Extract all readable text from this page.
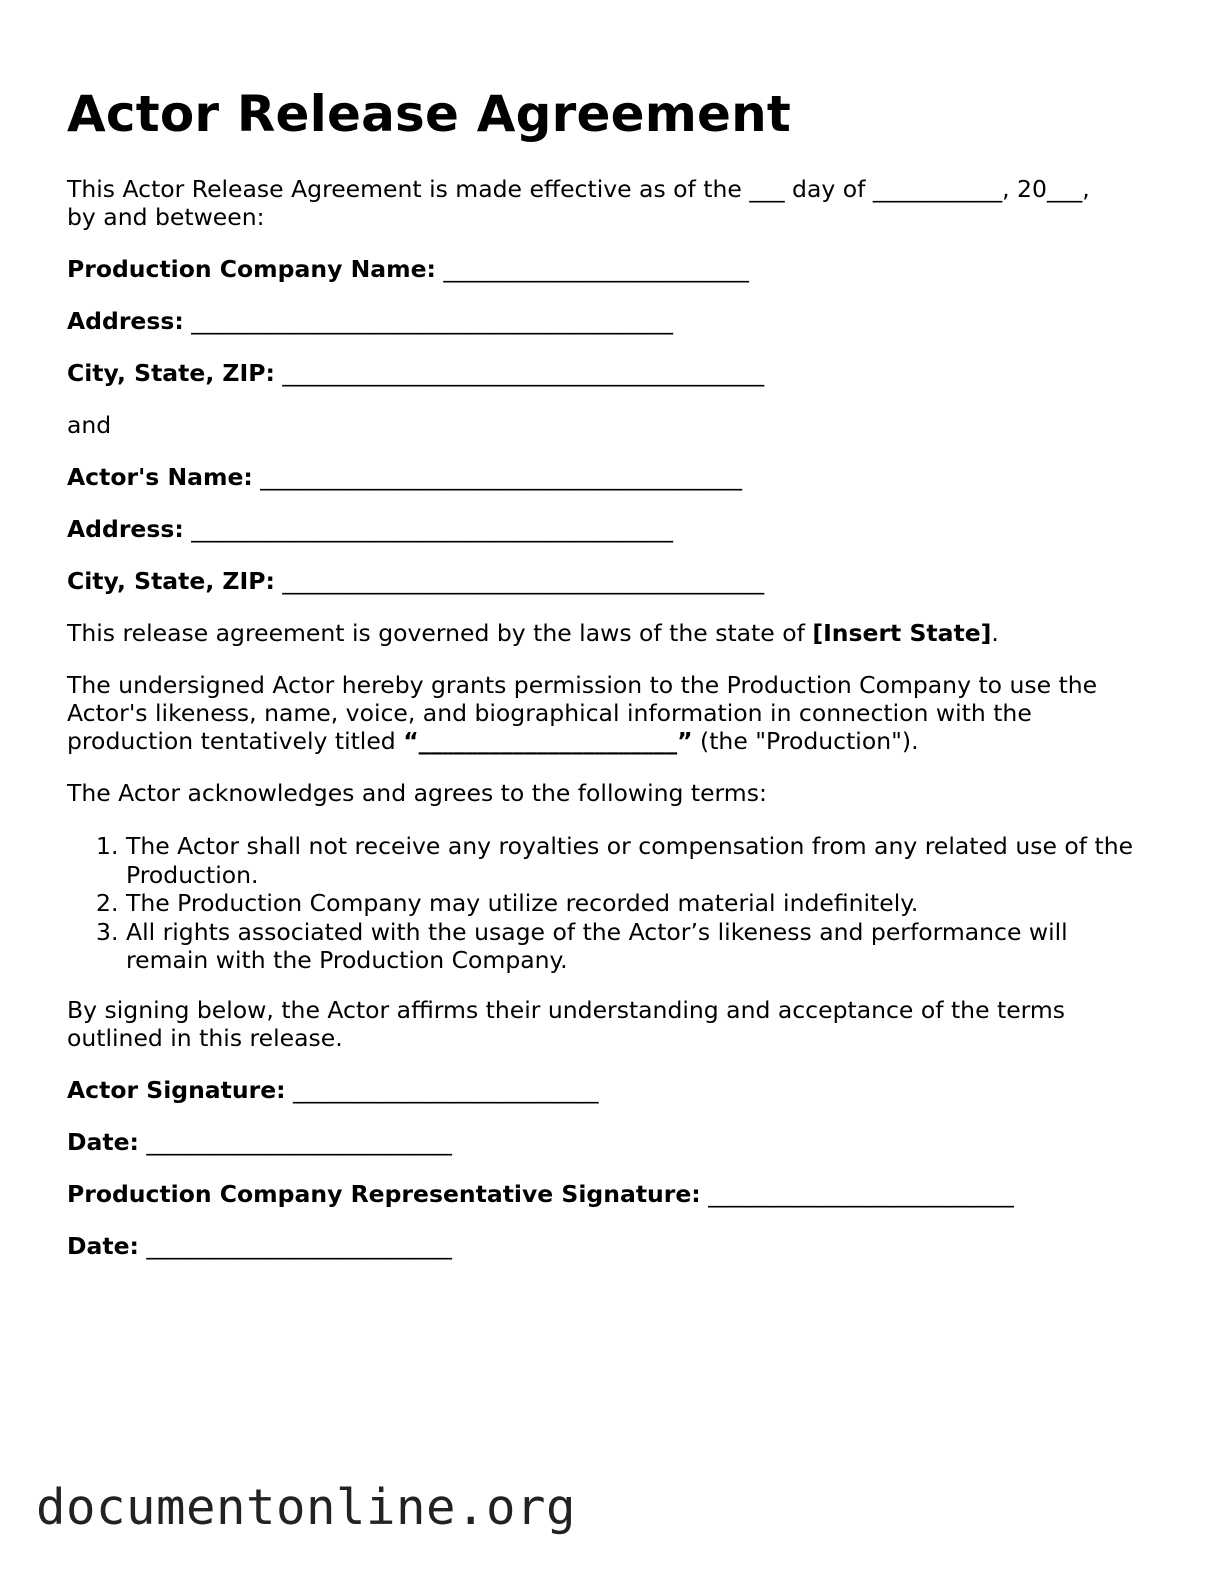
Actor Release Agreement

This Actor Release Agreement is made effective as of the ___ day of ___________, 20___,

by and between:

Production Company Name: __________________________

Address: _________________________________________

City, State, ZIP: _________________________________________

and

Actor's Name: _________________________________________

Address: _________________________________________

City, State, ZIP: _________________________________________

This release agreement is governed by the laws of the state of [Insert State].

The undersigned Actor hereby grants permission to the Production Company to use the

Actor's likeness, name, voice, and biographical information in connection with the

production tentatively titled “______________________” (the "Production").

The Actor acknowledges and agrees to the following terms:

1. The Actor shall not receive any royalties or compensation from any related use of the
Production.
2. The Production Company may utilize recorded material indefinitely.
3. All rights associated with the usage of the Actor’s likeness and performance will
remain with the Production Company.

By signing below, the Actor affirms their understanding and acceptance of the terms

outlined in this release.

Actor Signature: __________________________

Date: __________________________

Production Company Representative Signature: __________________________

Date: __________________________

documentonline.org
